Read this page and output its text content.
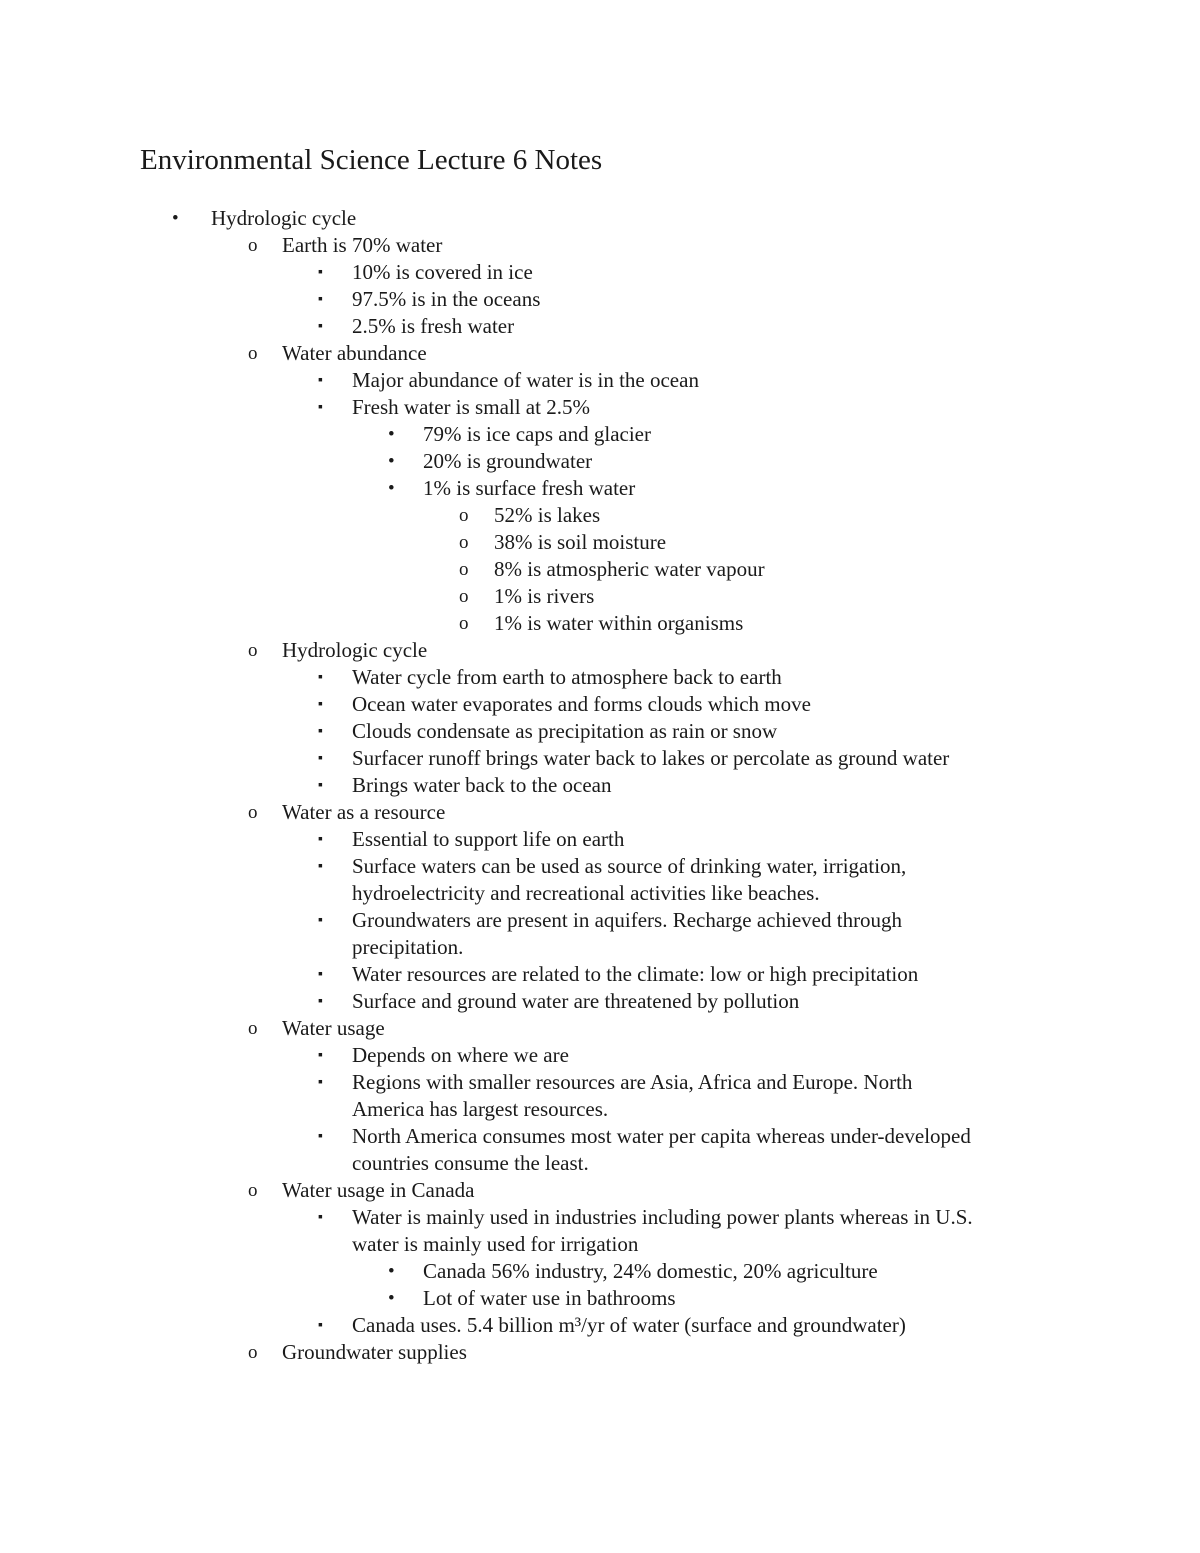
Environmental Science Lecture 6 Notes
• Hydrologic cycle
o Earth is 70% water
▪ 10% is covered in ice
▪ 97.5% is in the oceans
▪ 2.5% is fresh water
o Water abundance
▪ Major abundance of water is in the ocean
▪ Fresh water is small at 2.5%
• 79% is ice caps and glacier
• 20% is groundwater
• 1% is surface fresh water
o 52% is lakes
o 38% is soil moisture
o 8% is atmospheric water vapour
o 1% is rivers
o 1% is water within organisms
o Hydrologic cycle
▪ Water cycle from earth to atmosphere back to earth
▪ Ocean water evaporates and forms clouds which move
▪ Clouds condensate as precipitation as rain or snow
▪ Surfacer runoff brings water back to lakes or percolate as ground water
▪ Brings water back to the ocean
o Water as a resource
▪ Essential to support life on earth
▪ Surface waters can be used as source of drinking water, irrigation,
hydroelectricity and recreational activities like beaches.
▪ Groundwaters are present in aquifers. Recharge achieved through
precipitation.
▪ Water resources are related to the climate: low or high precipitation
▪ Surface and ground water are threatened by pollution
o Water usage
▪ Depends on where we are
▪ Regions with smaller resources are Asia, Africa and Europe. North
America has largest resources.
▪ North America consumes most water per capita whereas under-developed
countries consume the least.
o Water usage in Canada
▪ Water is mainly used in industries including power plants whereas in U.S.
water is mainly used for irrigation
• Canada 56% industry, 24% domestic, 20% agriculture
• Lot of water use in bathrooms
▪ Canada uses. 5.4 billion m³/yr of water (surface and groundwater)
o Groundwater supplies
